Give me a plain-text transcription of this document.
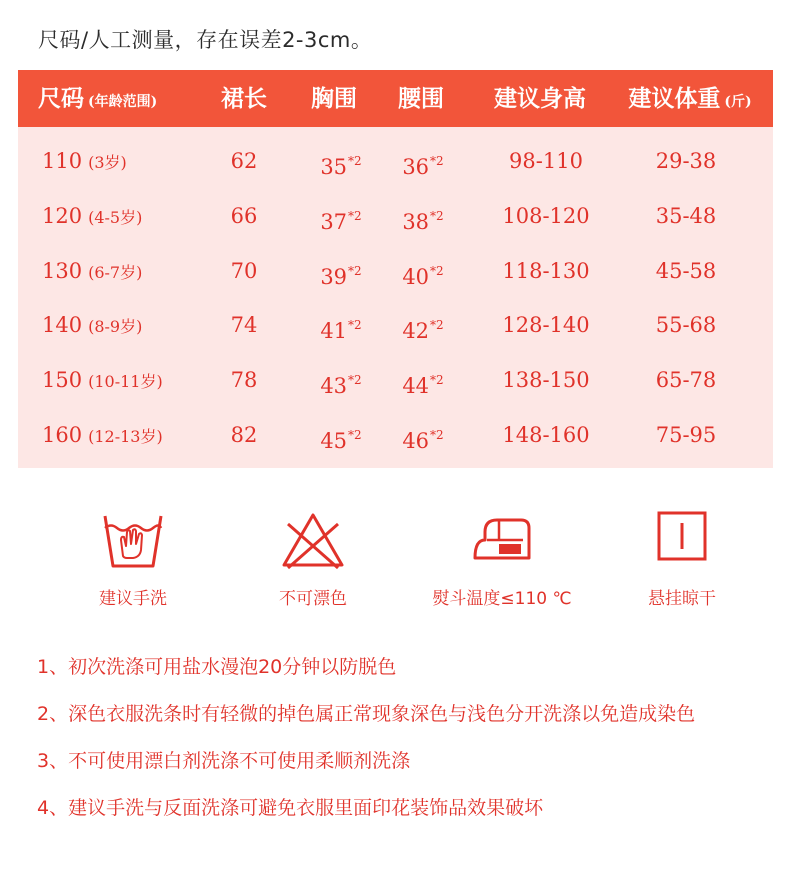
尺码/人工测量，存在误差2-3cm。
尺码 (年龄范围)	裙长 胸围 腰围 建议身高 建议体重 (斤)
110 (3岁)	62	35$^{*2}$ 36$^{*2}$	98-110	29-38
120 (4-5岁)	66	37$^{*2}$ 38$^{*2}$	108-120	35-48
130 (6-7岁)	70	39$^{*2}$ 40$^{*2}$	118-130	45-58
140 (8-9岁)	74	41$^{*2}$ 42$^{*2}$	128-140	55-68
150 (10-11岁)	78	43$^{*2}$ 44$^{*2}$	138-150	65-78
160 (12-13岁)	82	45$^{*2}$ 46$^{*2}$	148-160	75-95
建议手洗	不可漂色	熨斗温度≤110 ℃	悬挂晾干
1、初次洗涤可用盐水漫泡20分钟以防脱色
2、深色衣服洗条时有轻微的掉色属正常现象深色与浅色分开洗涤以免造成染色
3、不可使用漂白剂洗涤不可使用柔顺剂洗涤
4、建议手洗与反面洗涤可避免衣服里面印花装饰品效果破坏
